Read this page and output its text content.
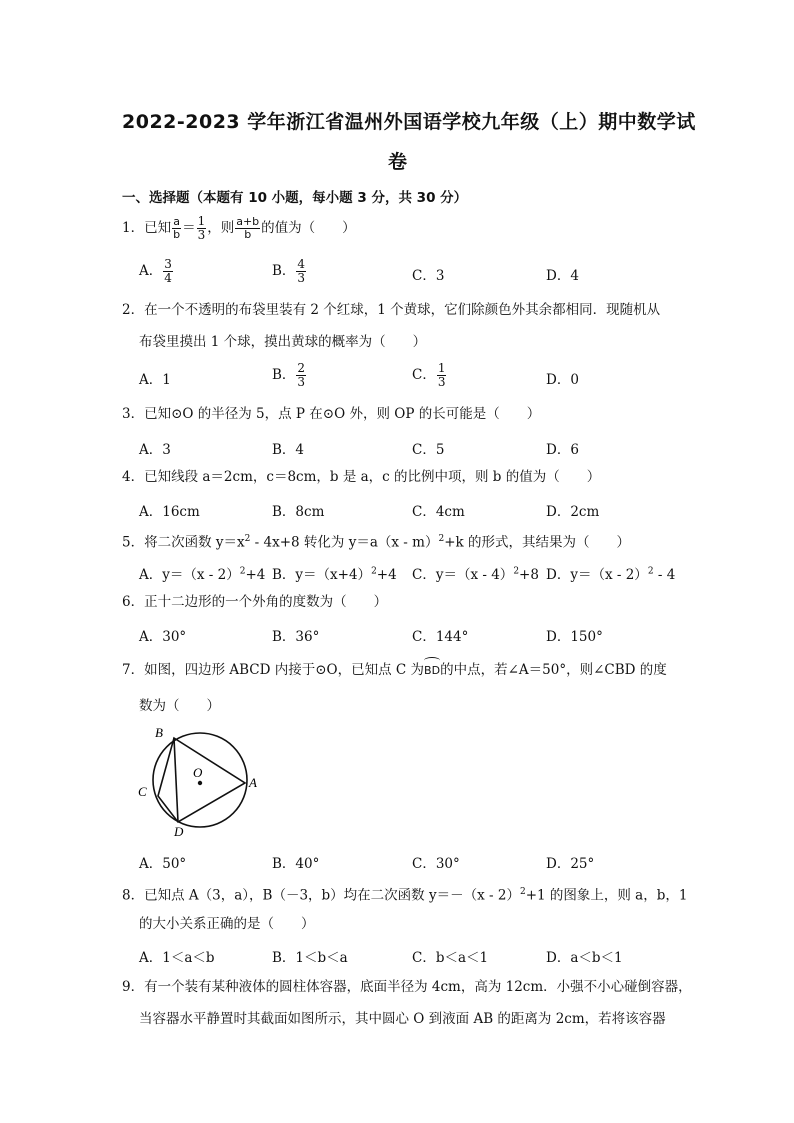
2022-2023 学年浙江省温州外国语学校九年级（上）期中数学试
卷
一、选择题（本题有 10 小题，每小题 3 分，共 30 分）
1．已知 $\frac{a}{b} = \frac{1}{3}$ ，则 $\frac{a+b}{b}$ 的值为（　　）
A． $\frac{3}{4}$	B． $\frac{4}{3}$	C．3	D．4
2．在一个不透明的布袋里装有 2 个红球，1 个黄球，它们除颜色外其余都相同．现随机从
布袋里摸出 1 个球，摸出黄球的概率为（　　）
A．1	B． $\frac{2}{3}$	C． $\frac{1}{3}$	D．0
3．已知⊙O 的半径为 5，点 P 在⊙O 外，则 OP 的长可能是（　　）
A．3	B．4	C．5	D．6
4．已知线段 a＝2cm，c＝8cm，b 是 a，c 的比例中项，则 b 的值为（　　）
A．16cm	B．8cm	C．4cm	D．2cm
5．将二次函数 $y=x^2 - 4x+8$ 转化为 y＝a（x - m）$^2$+k 的形式，其结果为（　　）
A．y＝（x - 2）$^2$+4 B．$y=(x+4)^2+4$ C．y＝（x - 4）$^2$+8 D．y＝（x - 2）$^2$ - 4
6．正十二边形的一个外角的度数为（　　）
A．30°	B．36°	C．144°	D．150°
7．如图，四边形 ABCD 内接于⊙O，已知点 C 为BD的中点，若∠A＝50°，则∠CBD 的度
数为（　　）
B
A
O
C
D
A．50°	B．40°	C．30°	D．25°
8．已知点 A（3，a），B（－3，b）均在二次函数 y＝－（x - 2）$^2$+1 的图象上，则 a，b，1
的大小关系正确的是（　　）
A．1＜a＜b	B．1＜b＜a	C．b＜a＜1	D．a＜b＜1
9．有一个装有某种液体的圆柱体容器，底面半径为 4cm，高为 12cm．小强不小心碰倒容器，
当容器水平静置时其截面如图所示，其中圆心 O 到液面 AB 的距离为 2cm，若将该容器
